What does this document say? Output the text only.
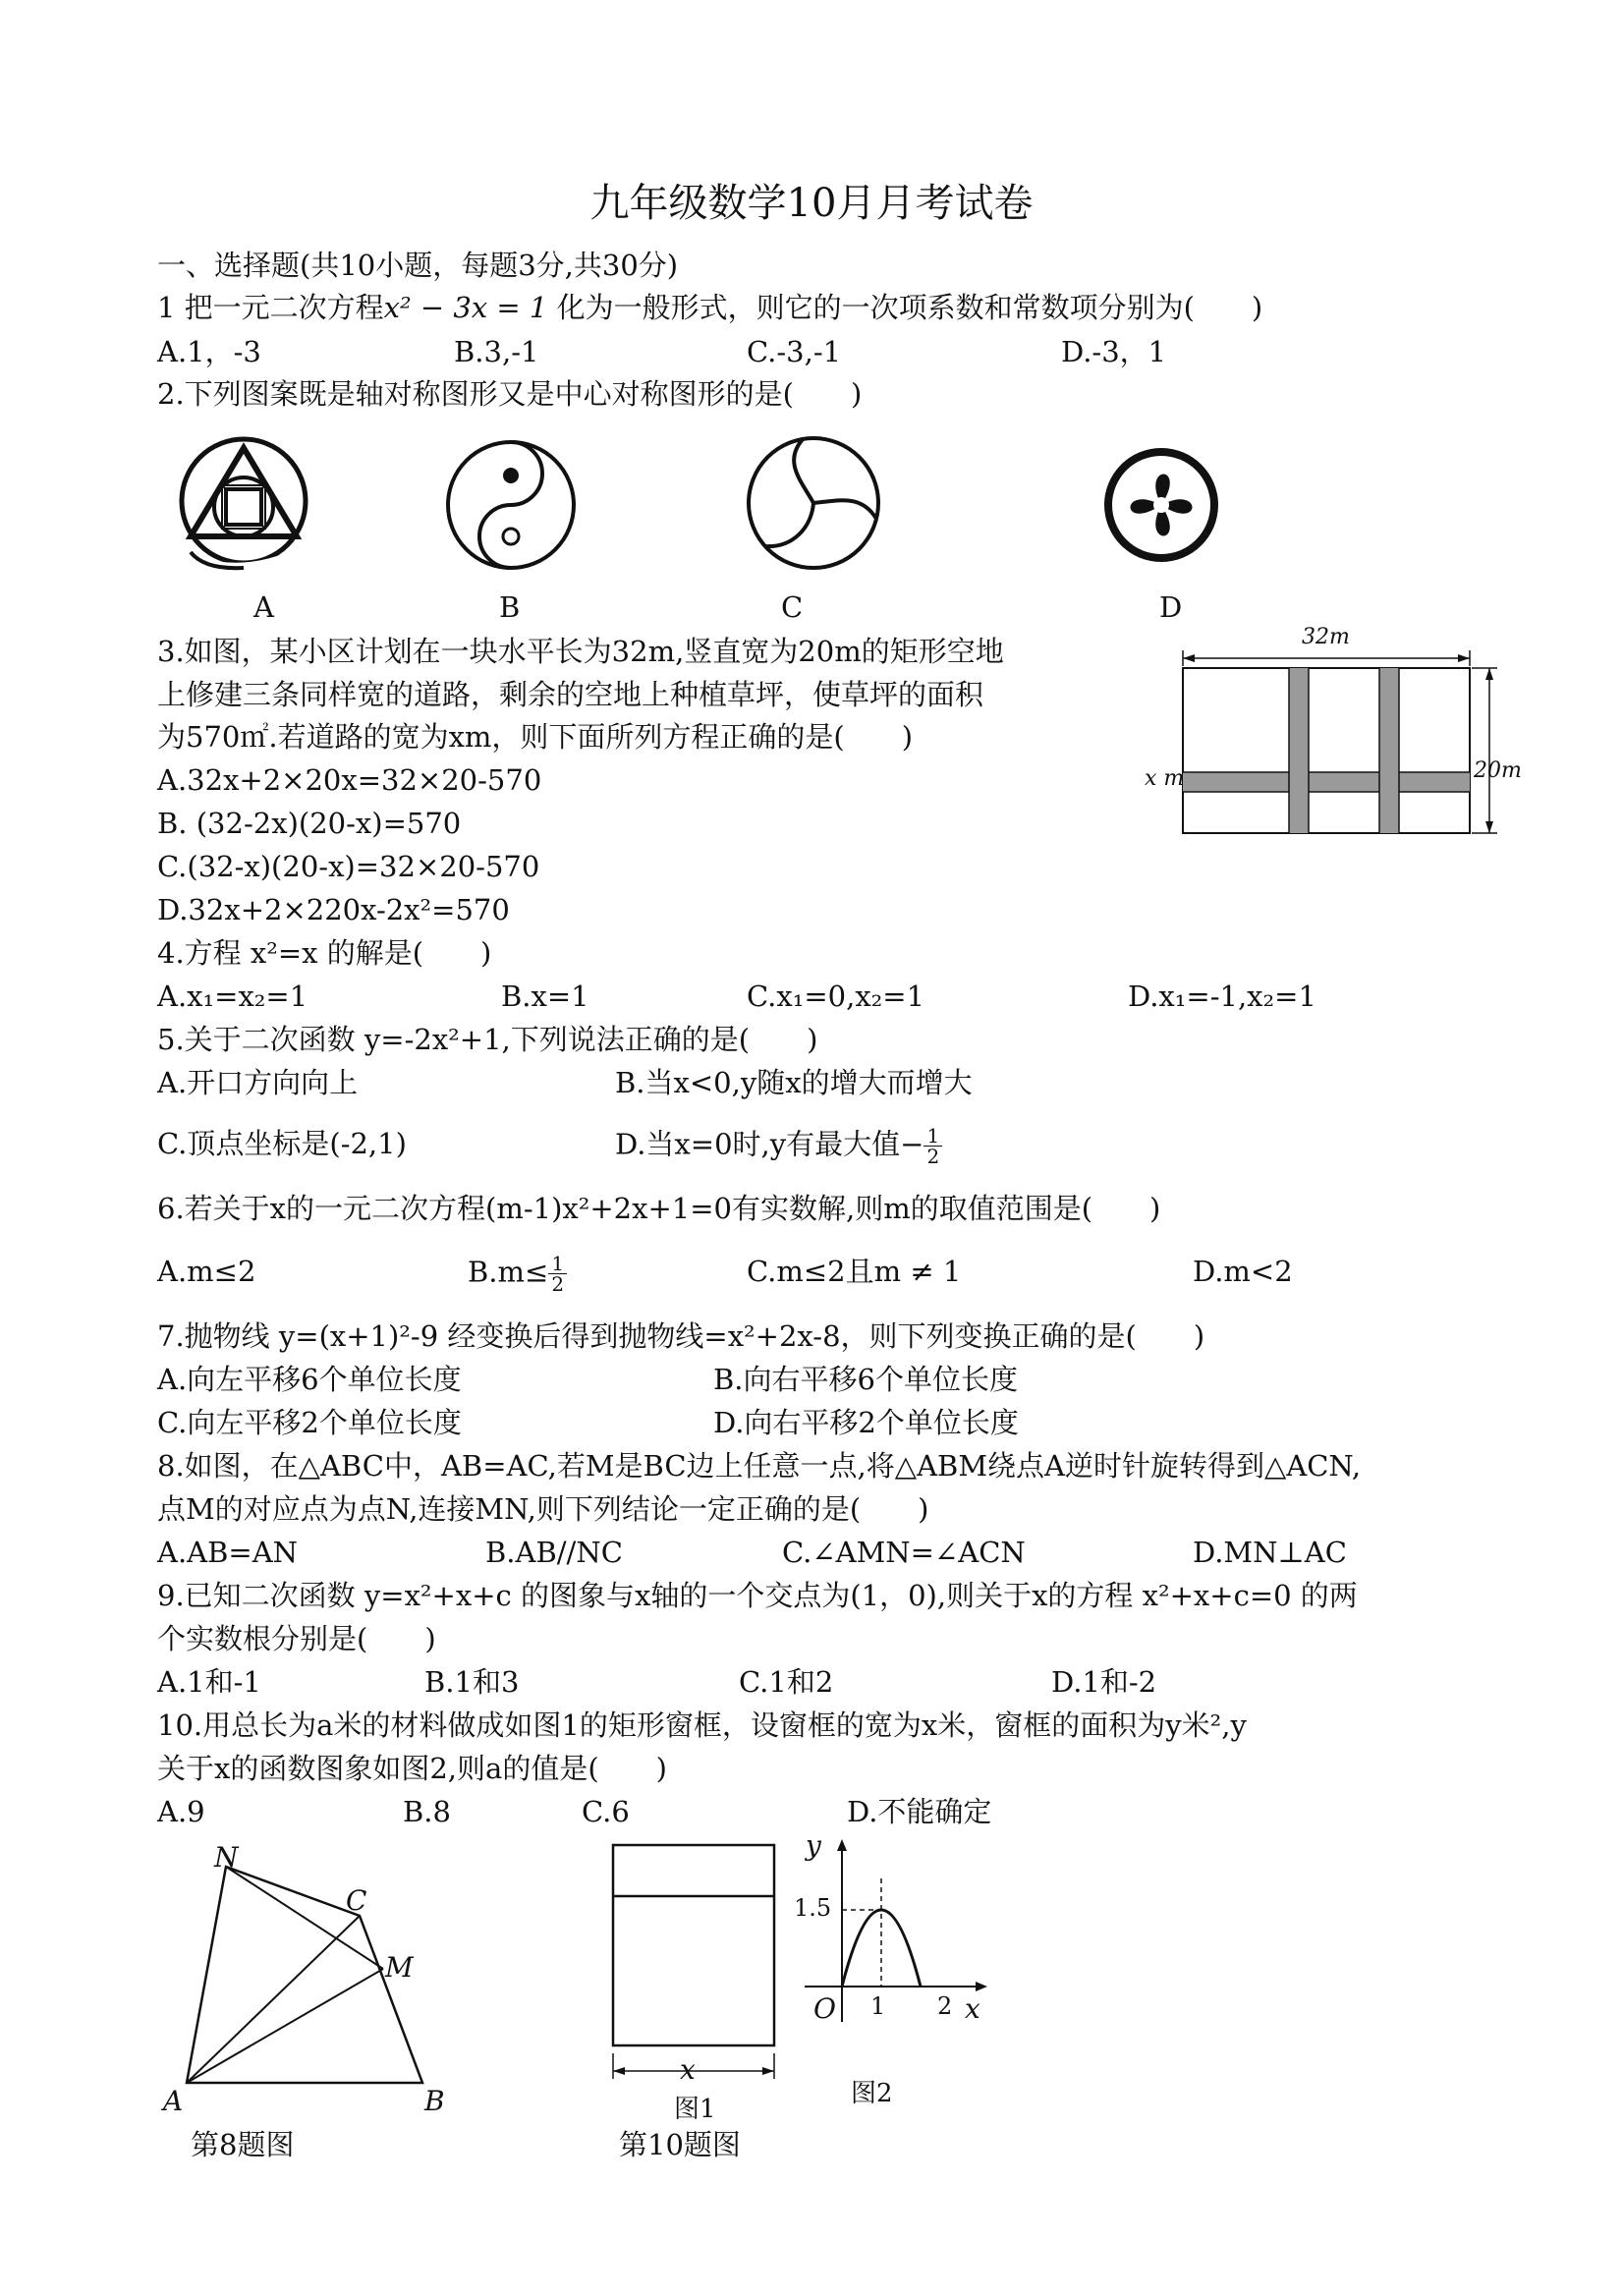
九年级数学10月月考试卷
一、选择题(共10小题，每题3分,共30分)
1 把一元二次方程x² − 3x = 1 化为一般形式，则它的一次项系数和常数项分别为(　　)
A.1，-3	B.3,-1	C.-3,-1	D.-3，1
2.下列图案既是轴对称图形又是中心对称图形的是(　　)
A	B	C	D
3.如图，某小区计划在一块水平长为32m,竖直宽为20m的矩形空地
上修建三条同样宽的道路，剩余的空地上种植草坪，使草坪的面积
为570㎡.若道路的宽为xm，则下面所列方程正确的是(　　)
A.32x+2×20x=32×20-570
B. (32-2x)(20-x)=570
C.(32-x)(20-x)=32×20-570
D.32x+2×220x-2x²=570
32m
20m
x m
4.方程 x²=x 的解是(　　)
A.x₁=x₂=1	B.x=1	C.x₁=0,x₂=1	D.x₁=-1,x₂=1
5.关于二次函数 y=-2x²+1,下列说法正确的是(　　)
A.开口方向向上	B.当x<0,y随x的增大而增大
C.顶点坐标是(-2,1)	D.当x=0时,y有最大值− $\frac{1}{2}$
6.若关于x的一元二次方程(m-1)x²+2x+1=0有实数解,则m的取值范围是(　　)
A.m≤2	$B.m\le \frac{1}{2}$	C.m≤2且m ≠ 1	D.m<2
7.抛物线 y=(x+1)²-9 经变换后得到抛物线=x²+2x-8，则下列变换正确的是(　　)
A.向左平移6个单位长度	B.向右平移6个单位长度
C.向左平移2个单位长度	D.向右平移2个单位长度
8.如图，在△ABC中，AB=AC,若M是BC边上任意一点,将△ABM绕点A逆时针旋转得到△ACN,
点M的对应点为点N,连接MN,则下列结论一定正确的是(　　)
A.AB=AN	B.AB//NC	C.∠AMN=∠ACN	D.MN⊥AC
9.已知二次函数 y=x²+x+c 的图象与x轴的一个交点为(1，0),则关于x的方程 x²+x+c=0 的两
个实数根分别是(　　)
A.1和-1	B.1和3	C.1和2	D.1和-2
10.用总长为a米的材料做成如图1的矩形窗框，设窗框的宽为x米，窗框的面积为y米²,y
关于x的函数图象如图2,则a的值是(　　)
A.9	B.8	C.6	D.不能确定
N
C
M
A	B
第8题图
x
图1
y
1.5
O 1 2 x
图2
第10题图
